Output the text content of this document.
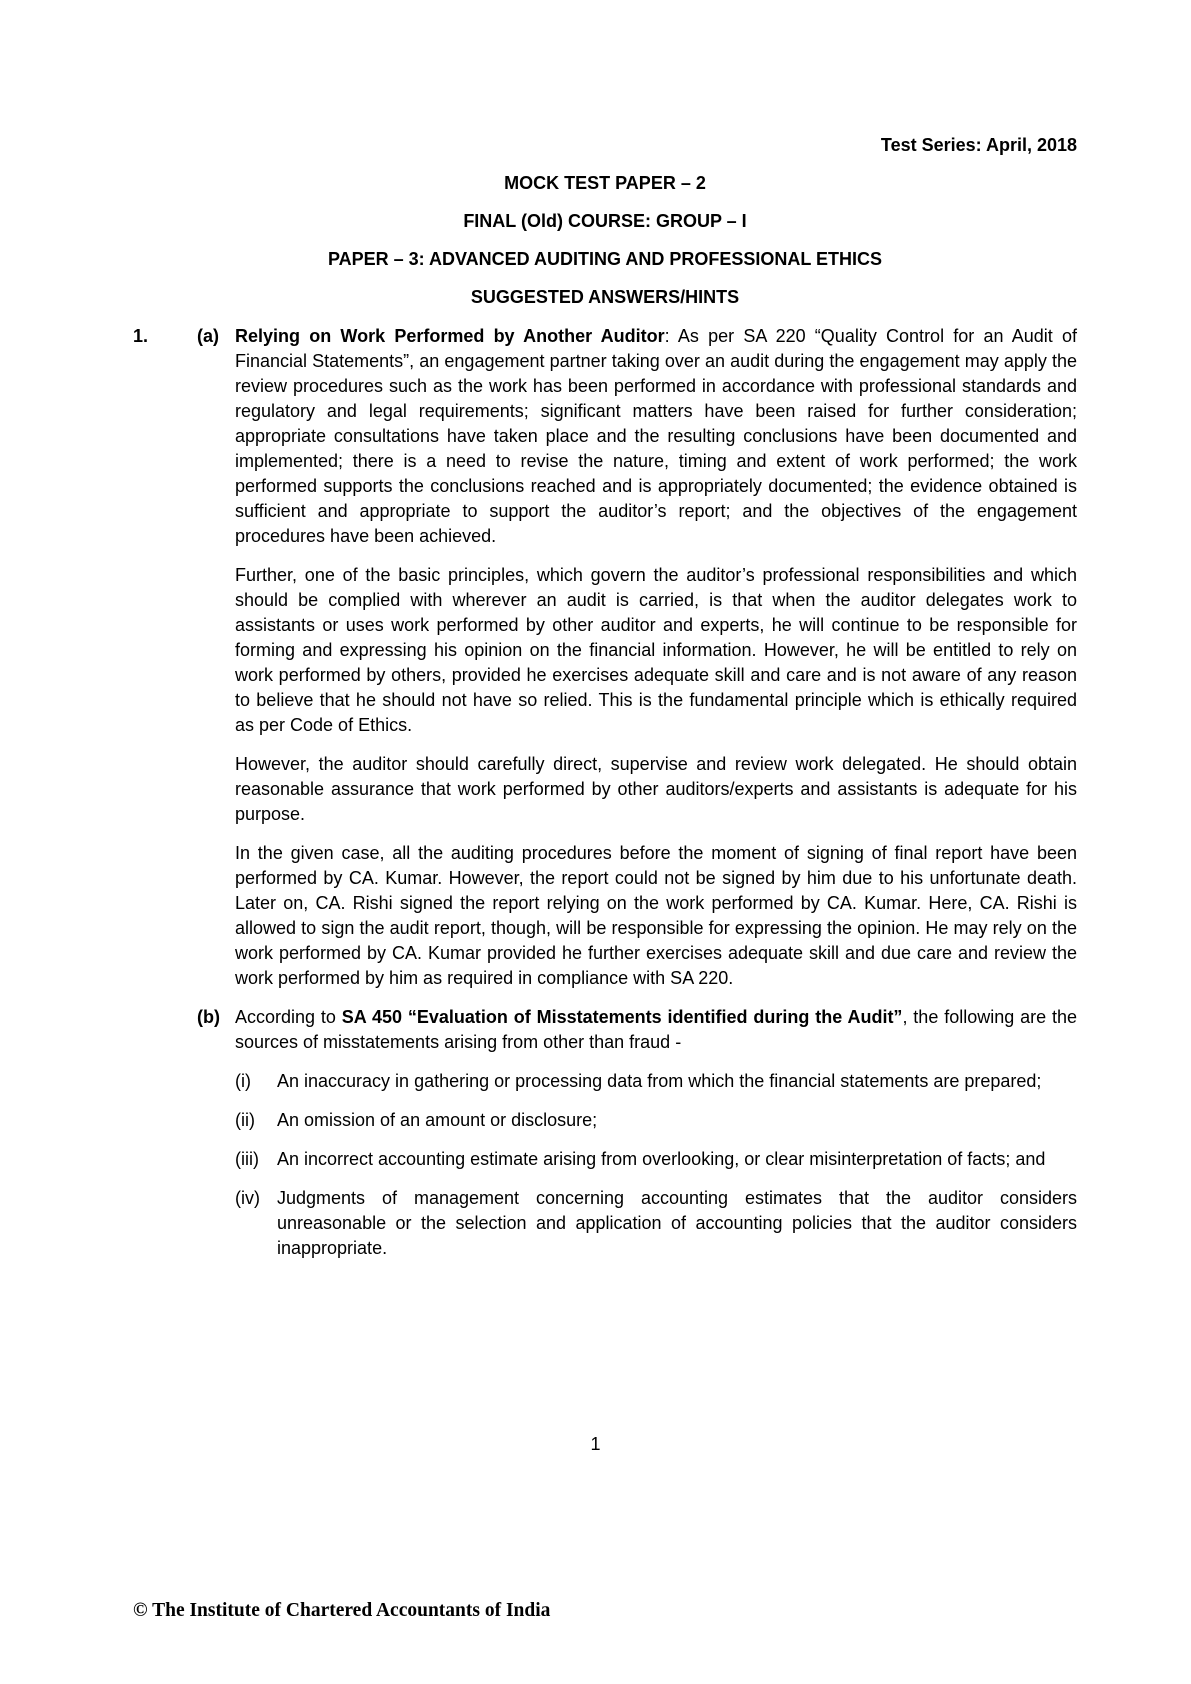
Test Series: April, 2018
MOCK TEST PAPER – 2
FINAL (Old) COURSE: GROUP – I
PAPER – 3: ADVANCED AUDITING AND PROFESSIONAL ETHICS
SUGGESTED ANSWERS/HINTS
1.	(a) Relying on Work Performed by Another Auditor: As per SA 220 “Quality Control for an Audit of Financial Statements”, an engagement partner taking over an audit during the engagement may apply the review procedures such as the work has been performed in accordance with professional standards and regulatory and legal requirements; significant matters have been raised for further consideration; appropriate consultations have taken place and the resulting conclusions have been documented and implemented; there is a need to revise the nature, timing and extent of work performed; the work performed supports the conclusions reached and is appropriately documented; the evidence obtained is sufficient and appropriate to support the auditor’s report; and the objectives of the engagement procedures have been achieved.

Further, one of the basic principles, which govern the auditor’s professional responsibilities and which should be complied with wherever an audit is carried, is that when the auditor delegates work to assistants or uses work performed by other auditor and experts, he will continue to be responsible for forming and expressing his opinion on the financial information. However, he will be entitled to rely on work performed by others, provided he exercises adequate skill and care and is not aware of any reason to believe that he should not have so relied. This is the fundamental principle which is ethically required as per Code of Ethics.

However, the auditor should carefully direct, supervise and review work delegated. He should obtain reasonable assurance that work performed by other auditors/experts and assistants is adequate for his purpose.

In the given case, all the auditing procedures before the moment of signing of final report have been performed by CA. Kumar. However, the report could not be signed by him due to his unfortunate death. Later on, CA. Rishi signed the report relying on the work performed by CA. Kumar. Here, CA. Rishi is allowed to sign the audit report, though, will be responsible for expressing the opinion. He may rely on the work performed by CA. Kumar provided he further exercises adequate skill and due care and review the work performed by him as required in compliance with SA 220.

(b) According to SA 450 “Evaluation of Misstatements identified during the Audit”, the following are the sources of misstatements arising from other than fraud -

(i)	An inaccuracy in gathering or processing data from which the financial statements are prepared;
(ii)	An omission of an amount or disclosure;
(iii)	An incorrect accounting estimate arising from overlooking, or clear misinterpretation of facts; and
(iv) Judgments of management concerning accounting estimates that the auditor considers unreasonable or the selection and application of accounting policies that the auditor considers inappropriate.
1
© The Institute of Chartered Accountants of India
